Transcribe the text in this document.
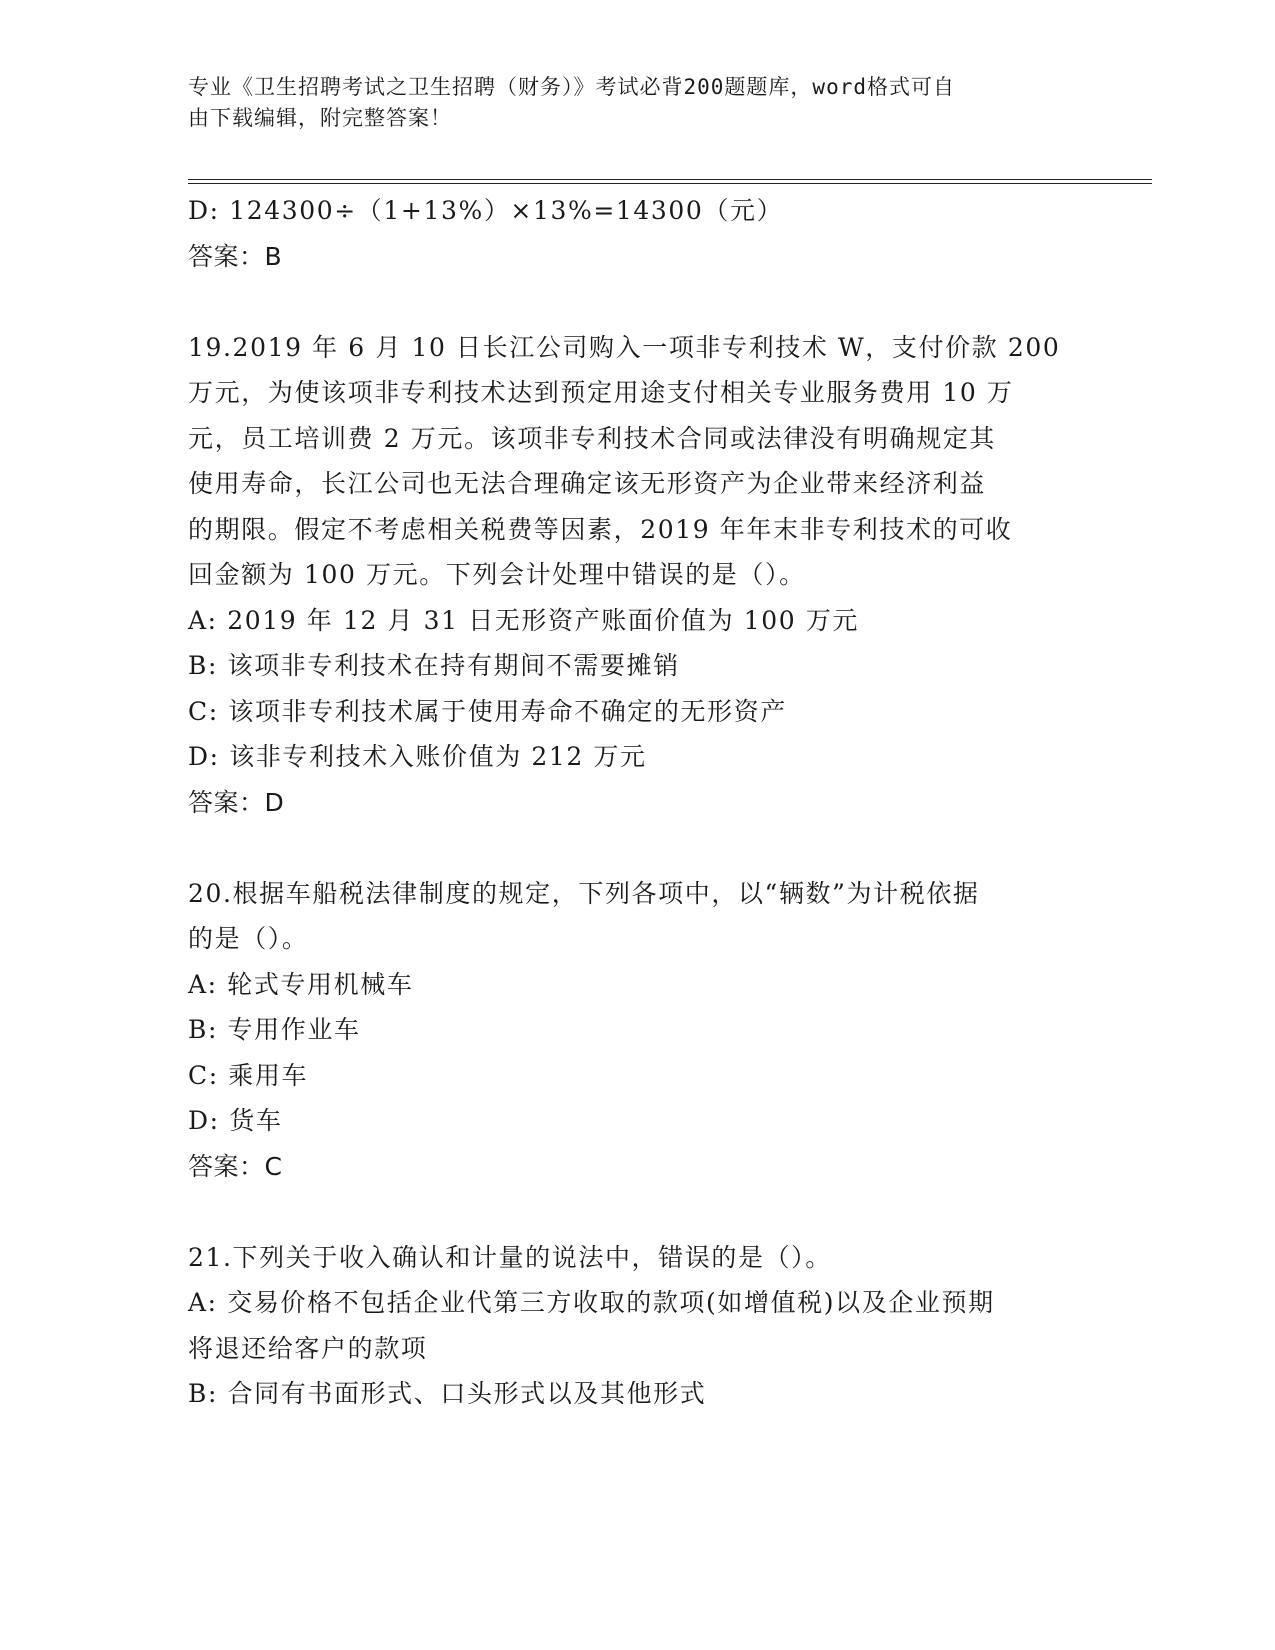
专业《卫生招聘考试之卫生招聘（财务）》考试必背200题题库，word格式可自
由下载编辑，附完整答案！
D: 124300÷（1+13%）×13%=14300（元）
答案：B
19.2019 年 6 月 10 日长江公司购入一项非专利技术 W，支付价款 200
万元，为使该项非专利技术达到预定用途支付相关专业服务费用 10 万
元，员工培训费 2 万元。该项非专利技术合同或法律没有明确规定其
使用寿命，长江公司也无法合理确定该无形资产为企业带来经济利益
的期限。假定不考虑相关税费等因素，2019 年年末非专利技术的可收
回金额为 100 万元。下列会计处理中错误的是（）。
A: 2019 年 12 月 31 日无形资产账面价值为 100 万元
B: 该项非专利技术在持有期间不需要摊销
C: 该项非专利技术属于使用寿命不确定的无形资产
D: 该非专利技术入账价值为 212 万元
答案：D
20.根据车船税法律制度的规定，下列各项中，以“辆数”为计税依据
的是（）。
A: 轮式专用机械车
B: 专用作业车
C: 乘用车
D: 货车
答案：C
21.下列关于收入确认和计量的说法中，错误的是（）。
A: 交易价格不包括企业代第三方收取的款项(如增值税)以及企业预期
将退还给客户的款项
B: 合同有书面形式、口头形式以及其他形式
